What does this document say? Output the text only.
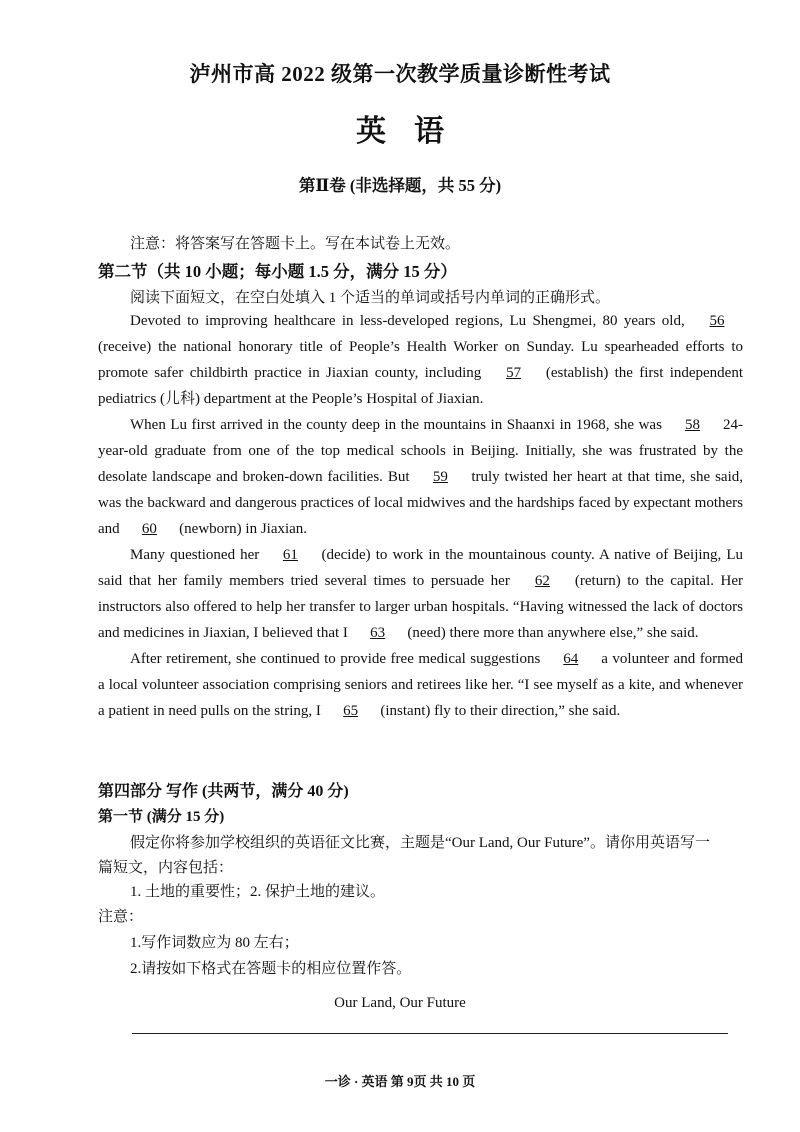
泸州市高 2022 级第一次教学质量诊断性考试
英 语
第Ⅱ卷 (非选择题，共 55 分)
注意：将答案写在答题卡上。写在本试卷上无效。
第二节（共 10 小题；每小题 1.5 分，满分 15 分）
阅读下面短文，在空白处填入 1 个适当的单词或括号内单词的正确形式。

Devoted to improving healthcare in less-developed regions, Lu Shengmei, 80 years old, 56 (receive) the national honorary title of People’s Health Worker on Sunday. Lu spearheaded efforts to promote safer childbirth practice in Jiaxian county, including 57 (establish) the first independent pediatrics (儿科) department at the People’s Hospital of Jiaxian.

When Lu first arrived in the county deep in the mountains in Shaanxi in 1968, she was 58 24-year-old graduate from one of the top medical schools in Beijing. Initially, she was frustrated by the desolate landscape and broken-down facilities. But 59 truly twisted her heart at that time, she said, was the backward and dangerous practices of local midwives and the hardships faced by expectant mothers and 60 (newborn) in Jiaxian.

Many questioned her 61 (decide) to work in the mountainous county. A native of Beijing, Lu said that her family members tried several times to persuade her 62 (return) to the capital. Her instructors also offered to help her transfer to larger urban hospitals. “Having witnessed the lack of doctors and medicines in Jiaxian, I believed that I 63 (need) there more than anywhere else,” she said.

After retirement, she continued to provide free medical suggestions 64 a volunteer and formed a local volunteer association comprising seniors and retirees like her. “I see myself as a kite, and whenever a patient in need pulls on the string, I 65 (instant) fly to their direction,” she said.

第四部分 写作 (共两节，满分 40 分)
第一节 (满分 15 分)
假定你将参加学校组织的英语征文比赛，主题是“Our Land, Our Future”。请你用英语写一
篇短文，内容包括：
1. 土地的重要性；2. 保护土地的建议。
注意：
1.写作词数应为 80 左右；
2.请按如下格式在答题卡的相应位置作答。
Our Land, Our Future
一诊 · 英语 第 9页 共 10 页
